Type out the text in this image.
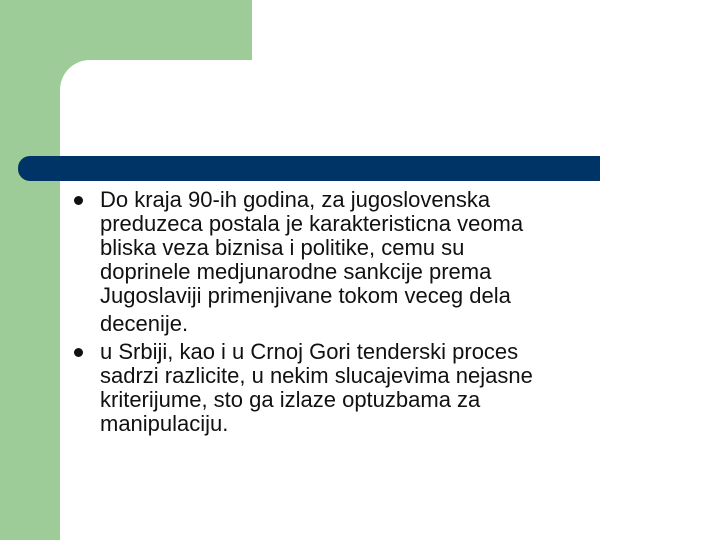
Do kraja 90-ih godina, za jugoslovenska
preduzeca postala je karakteristicna veoma
bliska veza biznisa i politike, cemu su
doprinele medjunarodne sankcije prema
Jugoslaviji primenjivane tokom veceg dela
decenije.
u Srbiji, kao i u Crnoj Gori tenderski proces
sadrzi razlicite, u nekim slucajevima nejasne
kriterijume, sto ga izlaze optuzbama za
manipulaciju.
